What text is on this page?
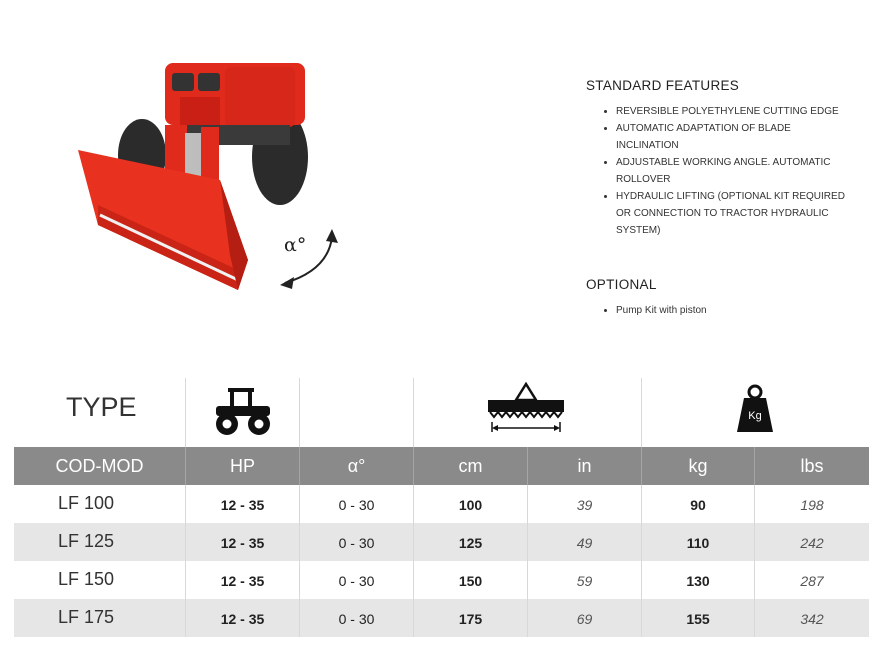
α°
STANDARD FEATURES
• REVERSIBLE POLYETHYLENE CUTTING EDGE
• AUTOMATIC ADAPTATION OF BLADE INCLINATION
• ADJUSTABLE WORKING ANGLE. AUTOMATIC ROLLOVER
• HYDRAULIC LIFTING (OPTIONAL KIT REQUIRED OR CONNECTION TO TRACTOR HYDRAULIC SYSTEM)
OPTIONAL
• Pump Kit with piston
TYPE	Kg
COD-MOD	HP	α°	cm	in	kg	lbs
LF 100	12 - 35	0 - 30	100	39	90	198
LF 125	12 - 35	0 - 30	125	49	110	242
LF 150	12 - 35	0 - 30	150	59	130	287
LF 175	12 - 35	0 - 30	175	69	155	342
